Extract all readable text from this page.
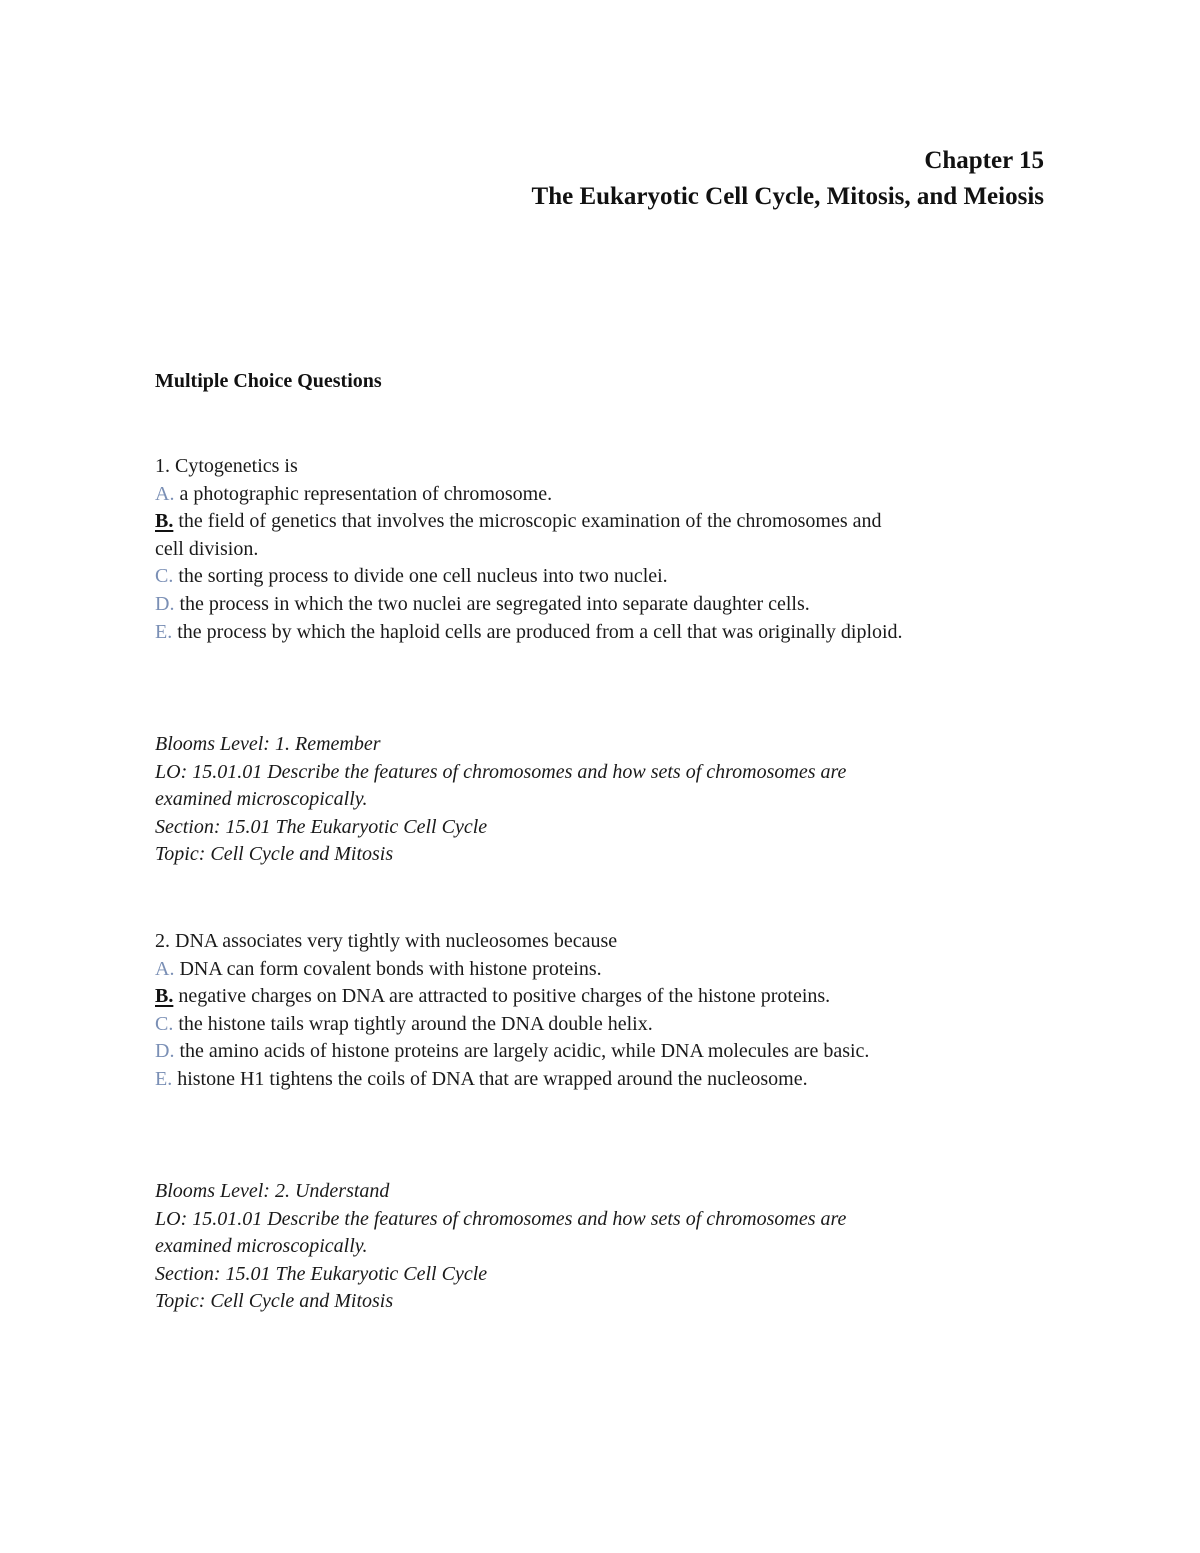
Chapter 15
The Eukaryotic Cell Cycle, Mitosis, and Meiosis
Multiple Choice Questions
1. Cytogenetics is
A. a photographic representation of chromosome.
B. the field of genetics that involves the microscopic examination of the chromosomes and
cell division.
C. the sorting process to divide one cell nucleus into two nuclei.
D. the process in which the two nuclei are segregated into separate daughter cells.
E. the process by which the haploid cells are produced from a cell that was originally diploid.
Blooms Level: 1. Remember
LO: 15.01.01 Describe the features of chromosomes and how sets of chromosomes are
examined microscopically.
Section: 15.01 The Eukaryotic Cell Cycle
Topic: Cell Cycle and Mitosis
2. DNA associates very tightly with nucleosomes because
A. DNA can form covalent bonds with histone proteins.
B. negative charges on DNA are attracted to positive charges of the histone proteins.
C. the histone tails wrap tightly around the DNA double helix.
D. the amino acids of histone proteins are largely acidic, while DNA molecules are basic.
E. histone H1 tightens the coils of DNA that are wrapped around the nucleosome.
Blooms Level: 2. Understand
LO: 15.01.01 Describe the features of chromosomes and how sets of chromosomes are
examined microscopically.
Section: 15.01 The Eukaryotic Cell Cycle
Topic: Cell Cycle and Mitosis
